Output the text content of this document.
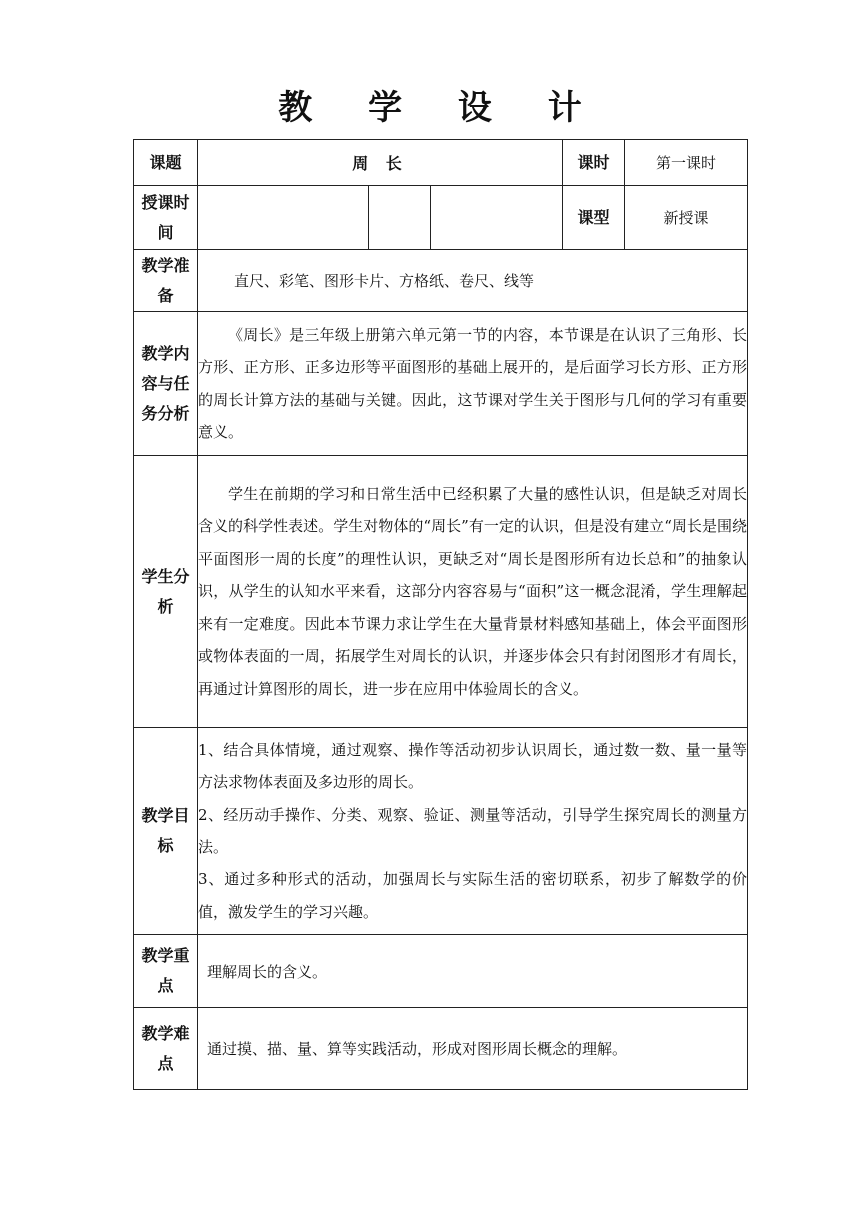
教 学 设 计
课题	周 长			课时	第一课时
授课时间				课型	新授课
教学准备	直尺、彩笔、图形卡片、方格纸、卷尺、线等				
教学内容与任务分析	《周长》是三年级上册第六单元第一节的内容，本节课是在认识了三角形、长方形、正方形、正多边形等平面图形的基础上展开的，是后面学习长方形、正方形的周长计算方法的基础与关键。因此，这节课对学生关于图形与几何的学习有重要意义。				
学生分析	学生在前期的学习和日常生活中已经积累了大量的感性认识，但是缺乏对周长含义的科学性表述。学生对物体的“周长”有一定的认识，但是没有建立“周长是围绕平面图形一周的长度”的理性认识，更缺乏对“周长是图形所有边长总和”的抽象认识，从学生的认知水平来看，这部分内容容易与“面积”这一概念混淆，学生理解起来有一定难度。因此本节课力求让学生在大量背景材料感知基础上，体会平面图形或物体表面的一周，拓展学生对周长的认识，并逐步体会只有封闭图形才有周长，再通过计算图形的周长，进一步在应用中体验周长的含义。				
教学目标	1、结合具体情境，通过观察、操作等活动初步认识周长，通过数一数、量一量等方法求物体表面及多边形的周长。

2、经历动手操作、分类、观察、验证、测量等活动，引导学生探究周长的测量方法。

3、通过多种形式的活动，加强周长与实际生活的密切联系，初步了解数学的价值，激发学生的学习兴趣。				

教学重点	理解周长的含义。				
教学难点	通过摸、描、量、算等实践活动，形成对图形周长概念的理解。				
